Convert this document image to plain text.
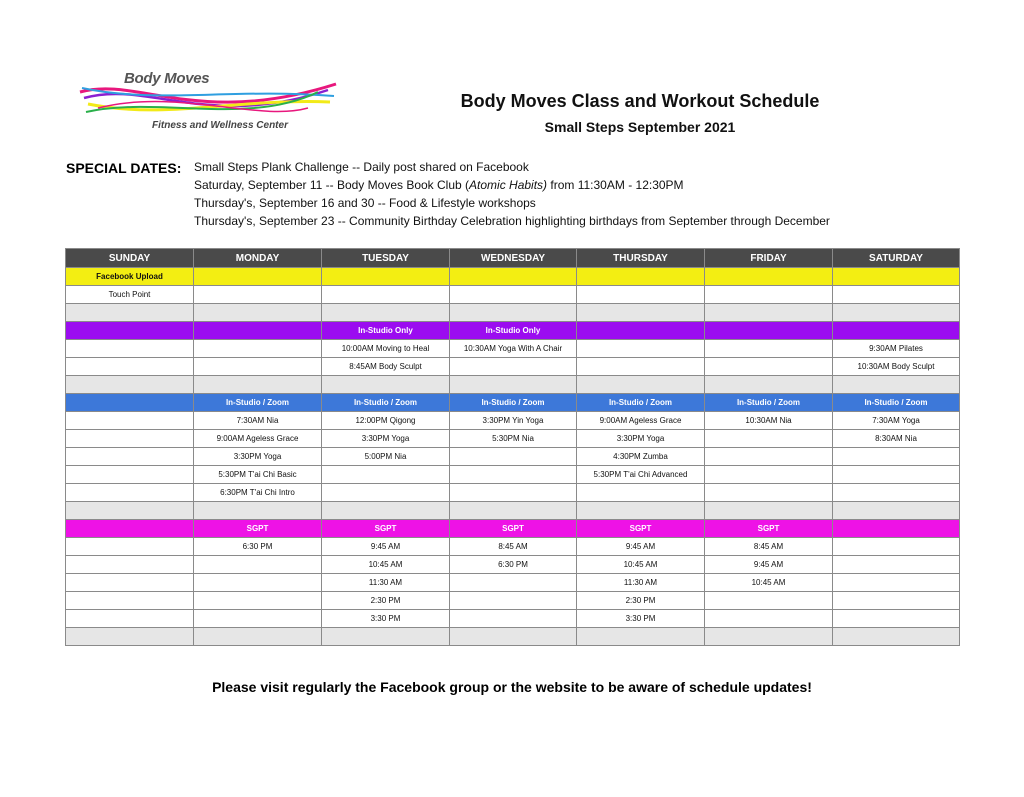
Body Moves
Fitness and Wellness Center
Body Moves Class and Workout Schedule
Small Steps September 2021
SPECIAL DATES: Small Steps Plank Challenge -- Daily post shared on Facebook
Saturday, September 11 -- Body Moves Book Club (Atomic Habits) from 11:30AM - 12:30PM
Thursday's, September 16 and 30 -- Food & Lifestyle workshops
Thursday's, September 23 -- Community Birthday Celebration highlighting birthdays from September through December
SUNDAY	MONDAY	TUESDAY	WEDNESDAY	THURSDAY	FRIDAY	SATURDAY
Facebook Upload						
Touch Point						

		In-Studio Only	In-Studio Only			
		10:00AM Moving to Heal	10:30AM Yoga With A Chair			9:30AM Pilates
		8:45AM Body Sculpt				10:30AM Body Sculpt

	In-Studio / Zoom	In-Studio / Zoom	In-Studio / Zoom	In-Studio / Zoom	In-Studio / Zoom	In-Studio / Zoom
	7:30AM Nia	12:00PM Qigong	3:30PM Yin Yoga	9:00AM Ageless Grace	10:30AM Nia	7:30AM Yoga
	9:00AM Ageless Grace	3:30PM Yoga	5:30PM Nia	3:30PM Yoga		8:30AM Nia
	3:30PM Yoga	5:00PM Nia		4:30PM Zumba		
	5:30PM T'ai Chi Basic			5:30PM T'ai Chi Advanced		
	6:30PM T'ai Chi Intro					

	SGPT	SGPT	SGPT	SGPT	SGPT	
	6:30 PM	9:45 AM	8:45 AM	9:45 AM	8:45 AM	
		10:45 AM	6:30 PM	10:45 AM	9:45 AM	
		11:30 AM		11:30 AM	10:45 AM	
		2:30 PM		2:30 PM		
		3:30 PM		3:30 PM		

Please visit regularly the Facebook group or the website to be aware of schedule updates!
